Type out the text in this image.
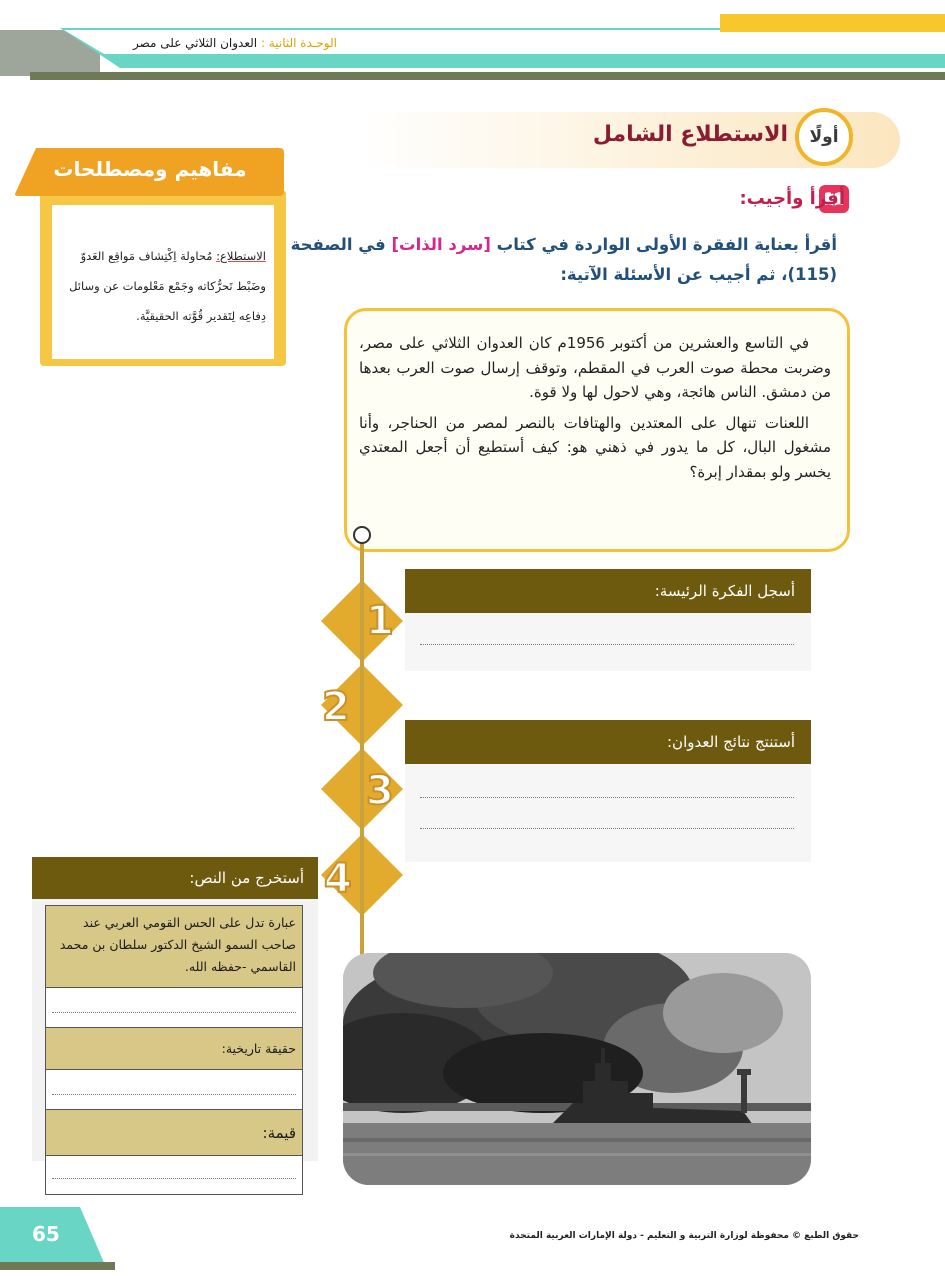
الوحـدة الثانية : العدوان الثلاثي على مصر
أولًا
الاستطلاع الشامل
مفاهيم ومصطلحات
الاستطلاع: مُحاولة اِكْتِشاف مَواقِع العَدوّ وضَبْط تَحرُّكاته وجَمْع مَعْلومات عن وسائل دِفاعِه لِتَقدير قُوَّته الحقيقيَّة.
أقرأ وأجيب:
أقرأ بعناية الفقرة الأولى الواردة في كتاب [سرد الذات] في الصفحة (115)، ثم أجيب عن الأسئلة الآتية:

في التاسع والعشرين من أكتوبر 1956م كان العدوان الثلاثي على مصر، وضربت محطة صوت العرب في المقطم، وتوقف إرسال صوت العرب بعدها من دمشق. الناس هائجة، وهي لاحول لها ولا قوة.

اللعنات تنهال على المعتدين والهتافات بالنصر لمصر من الحناجر، وأنا مشغول البال، كل ما يدور في ذهني هو: كيف أستطيع أن أجعل المعتدي يخسر ولو بمقدار إبرة؟

1
2
3
4
أسجل الفكرة الرئيسة:
أستنتج نتائج العدوان:
أستخرج من النص:
عبارة تدل على الحس القومي العربي عند صاحب السمو الشيخ الدكتور سلطان بن محمد القاسمي -حفظه الله.
حقيقة تاريخية:
قيمة:
65	حقوق الطبع © محفوظة لوزارة التربية و التعليم - دولة الإمارات العربية المتحدة
